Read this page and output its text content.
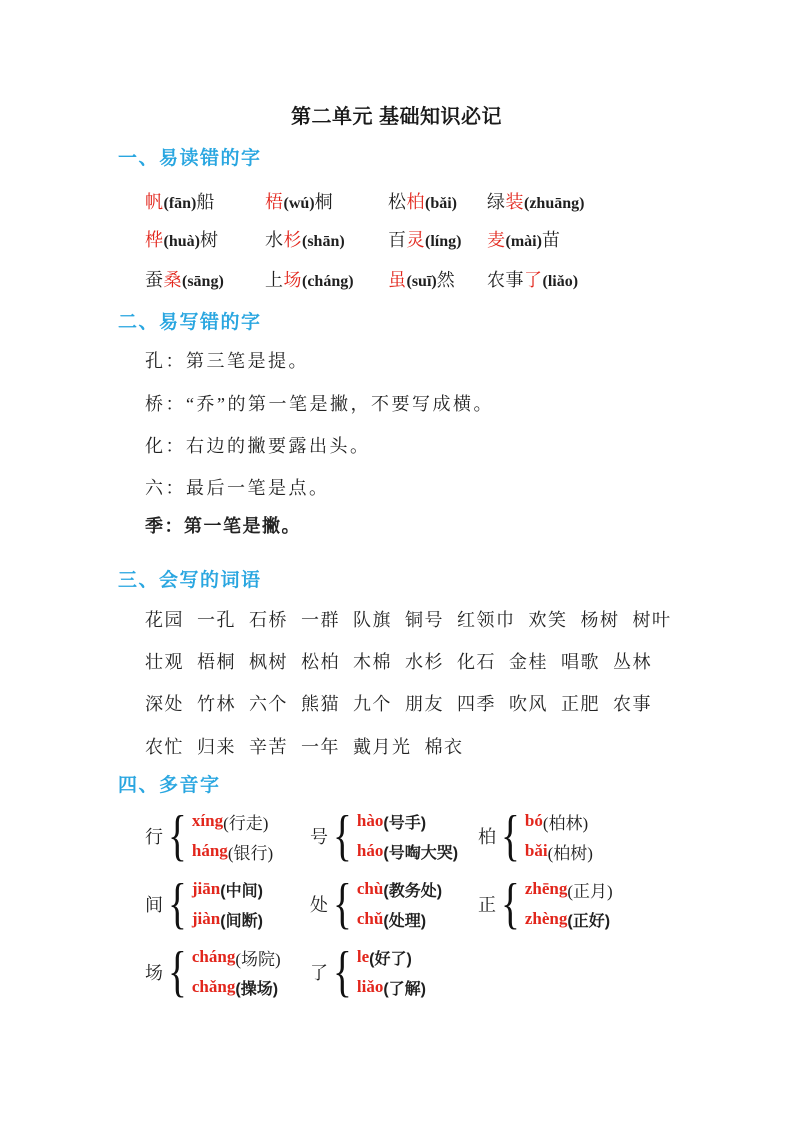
第二单元 基础知识必记
一、易读错的字
帆(fān)船	梧(wú)桐	松柏(bǎi) 绿装(zhuāng)
桦(huà)树	水杉(shān) 百灵(líng) 麦(mài)苗
蚕桑(sāng) 上场(cháng) 虽(suī)然 农事了(liǎo)
二、易写错的字
孔：第三笔是提。
桥：“乔”的第一笔是撇，不要写成横。
化：右边的撇要露出头。
六：最后一笔是点。
季：第一笔是撇。
三、会写的词语
花园 一孔 石桥 一群 队旗 铜号 红领巾 欢笑 杨树 树叶
壮观 梧桐 枫树 松柏 木棉 水杉 化石 金桂 唱歌 丛林
深处 竹林 六个 熊猫 九个 朋友 四季 吹风 正肥 农事
农忙 归来 辛苦 一年 戴月光 棉衣
四、多音字
行 { xíng (行走)
háng (银行)
号 { hào (号手)
háo (号啕大哭)
柏 { bó (柏林)
bǎi (柏树)
间 { jiān (中间)
jiàn (间断)
处 { chù (教务处)
chǔ (处理)
正 { zhēng (正月)
zhèng (正好)
场 { cháng (场院)
chǎng (操场)
了 { le (好了)
liǎo (了解)
